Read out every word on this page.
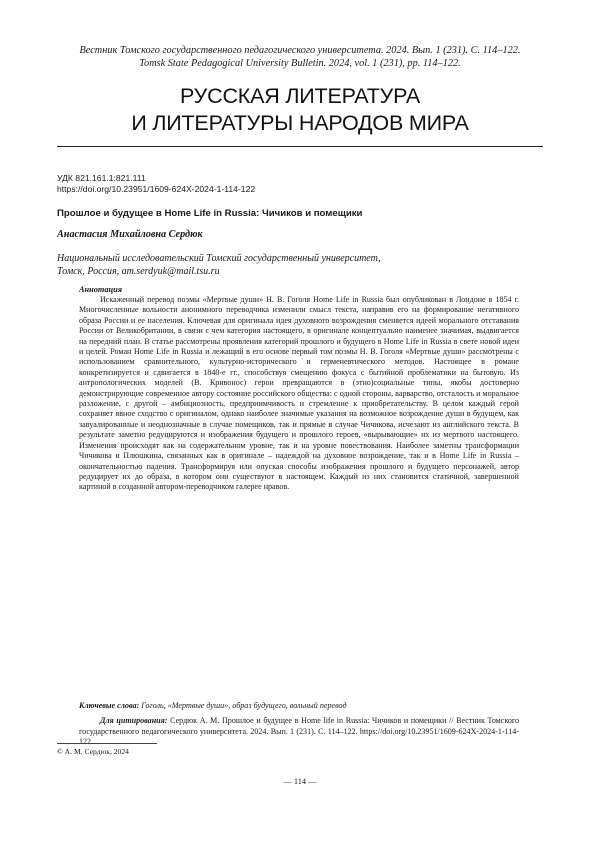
Вестник Томского государственного педагогического университета. 2024. Вып. 1 (231). С. 114–122.
Tomsk State Pedagogical University Bulletin. 2024, vol. 1 (231), pp. 114–122.
РУССКАЯ ЛИТЕРАТУРА
И ЛИТЕРАТУРЫ НАРОДОВ МИРА
УДК 821.161.1:821.111
https://doi.org/10.23951/1609-624X-2024-1-114-122
Прошлое и будущее в Home Life in Russia: Чичиков и помещики
Анастасия Михайловна Сердюк
Национальный исследовательский Томский государственный университет,
Томск, Россия, am.serdyuk@mail.tsu.ru
Аннотация

Искаженный перевод поэмы «Мертвые души» Н. В. Гоголя Home Life in Russia был опубликован в Лондоне в 1854 г. Многочисленные вольности анонимного переводчика изменили смысл текста, направив его на формирование негативного образа России и ее населения. Ключевая для оригинала идея духовного возрождения сменяется идеей морального отставания России от Великобритании, в связи с чем категория настоящего, в оригинале концептуально наименее значимая, выдвигается на передний план. В статье рассмотрены проявления категорий прошлого и будущего в Home Life in Russia в свете новой идеи и целей. Роман Home Life in Russia и лежащий в его основе первый том поэмы Н. В. Гоголя «Мертвые души» рассмотрены с использованием сравнительного, культурно-исторического и герменевтического методов. Настоящее в романе конкретизируется и сдвигается в 1840-е гг., способствуя смещению фокуса с бытийной проблематики на бытовую. Из антропологических моделей (В. Кривонос) герои превращаются в (этно)социальные типы, якобы достоверно демонстрирующие современное автору состояние российского общества: с одной стороны, варварство, отсталость и моральное разложение, с другой – амбициозность, предприимчивость и стремление к приобретательству. В целом каждый герой сохраняет явное сходство с оригиналом, однако наиболее значимые указания на возможное возрождение души в будущем, как завуалированные и неоднозначные в случае помещиков, так и прямые в случае Чичикова, исчезают из английского текста. В результате заметно редуцируются и изображения будущего и прошлого героев, «вырывающие» их из мертвого настоящего. Изменения происходят как на содержательном уровне, так и на уровне повествования. Наиболее заметны трансформации Чичикова и Плюшкина, связанных как в оригинале – надеждой на духовное возрождение, так и в Home Life in Russia – окончательностью падения. Трансформируя или опуская способы изображения прошлого и будущего персонажей, автор редуцирует их до образа, в котором они существуют в настоящем. Каждый из них становится статичной, завершенной картиной в созданной автором-переводчиком галерее нравов.

Ключевые слова: Гоголь, «Мертвые души», образ будущего, вольный перевод

Для цитирования: Сердюк А. М. Прошлое и будущее в Home life in Russia: Чичиков и помещики // Вестник Томского государственного педагогического университета. 2024. Вып. 1 (231). С. 114–122. https://doi.org/10.23951/1609-624X-2024-1-114-122

© А. М. Сердюк, 2024
— 114 —
